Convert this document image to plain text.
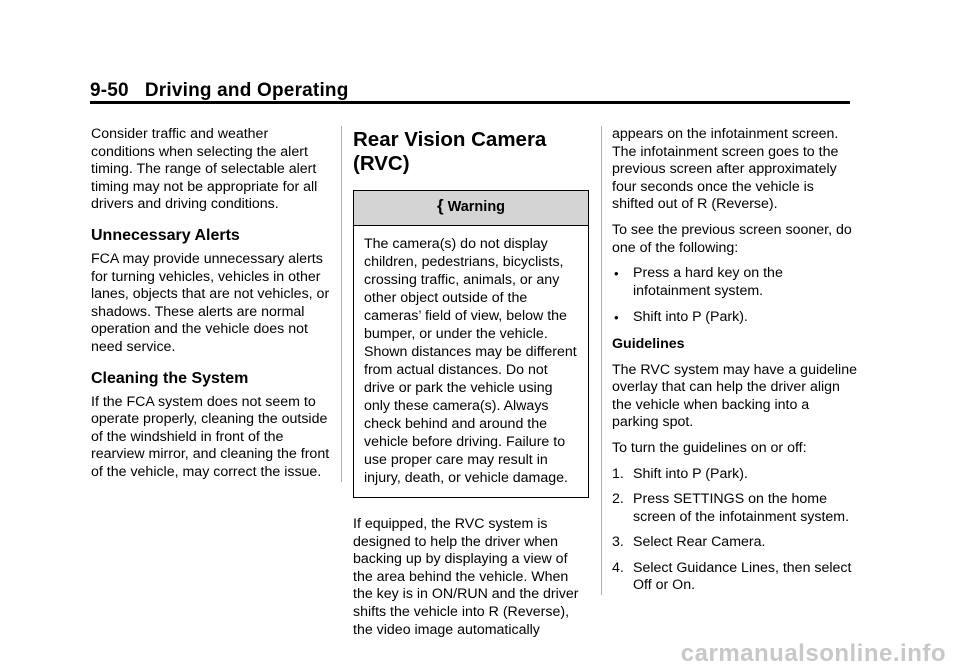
9-50 Driving and Operating

Consider traffic and weather conditions when selecting the alert timing. The range of selectable alert timing may not be appropriate for all drivers and driving conditions.

Unnecessary Alerts

FCA may provide unnecessary alerts for turning vehicles, vehicles in other lanes, objects that are not vehicles, or shadows. These alerts are normal operation and the vehicle does not need service.

Cleaning the System

If the FCA system does not seem to operate properly, cleaning the outside of the windshield in front of the rearview mirror, and cleaning the front of the vehicle, may correct the issue.

Rear Vision Camera (RVC)
{ Warning
The camera(s) do not display children, pedestrians, bicyclists, crossing traffic, animals, or any other object outside of the cameras’ field of view, below the bumper, or under the vehicle. Shown distances may be different from actual distances. Do not drive or park the vehicle using only these camera(s). Always check behind and around the vehicle before driving. Failure to use proper care may result in injury, death, or vehicle damage.

If equipped, the RVC system is designed to help the driver when backing up by displaying a view of the area behind the vehicle. When the key is in ON/RUN and the driver shifts the vehicle into R (Reverse), the video image automatically

appears on the infotainment screen. The infotainment screen goes to the previous screen after approximately four seconds once the vehicle is shifted out of R (Reverse).

To see the previous screen sooner, do one of the following:

• Press a hard key on the infotainment system.
• Shift into P (Park).

Guidelines

The RVC system may have a guideline overlay that can help the driver align the vehicle when backing into a parking spot.

To turn the guidelines on or off:

1. Shift into P (Park).
2. Press SETTINGS on the home screen of the infotainment system.
3. Select Rear Camera.
4. Select Guidance Lines, then select Off or On.
carmanualsonline.info
